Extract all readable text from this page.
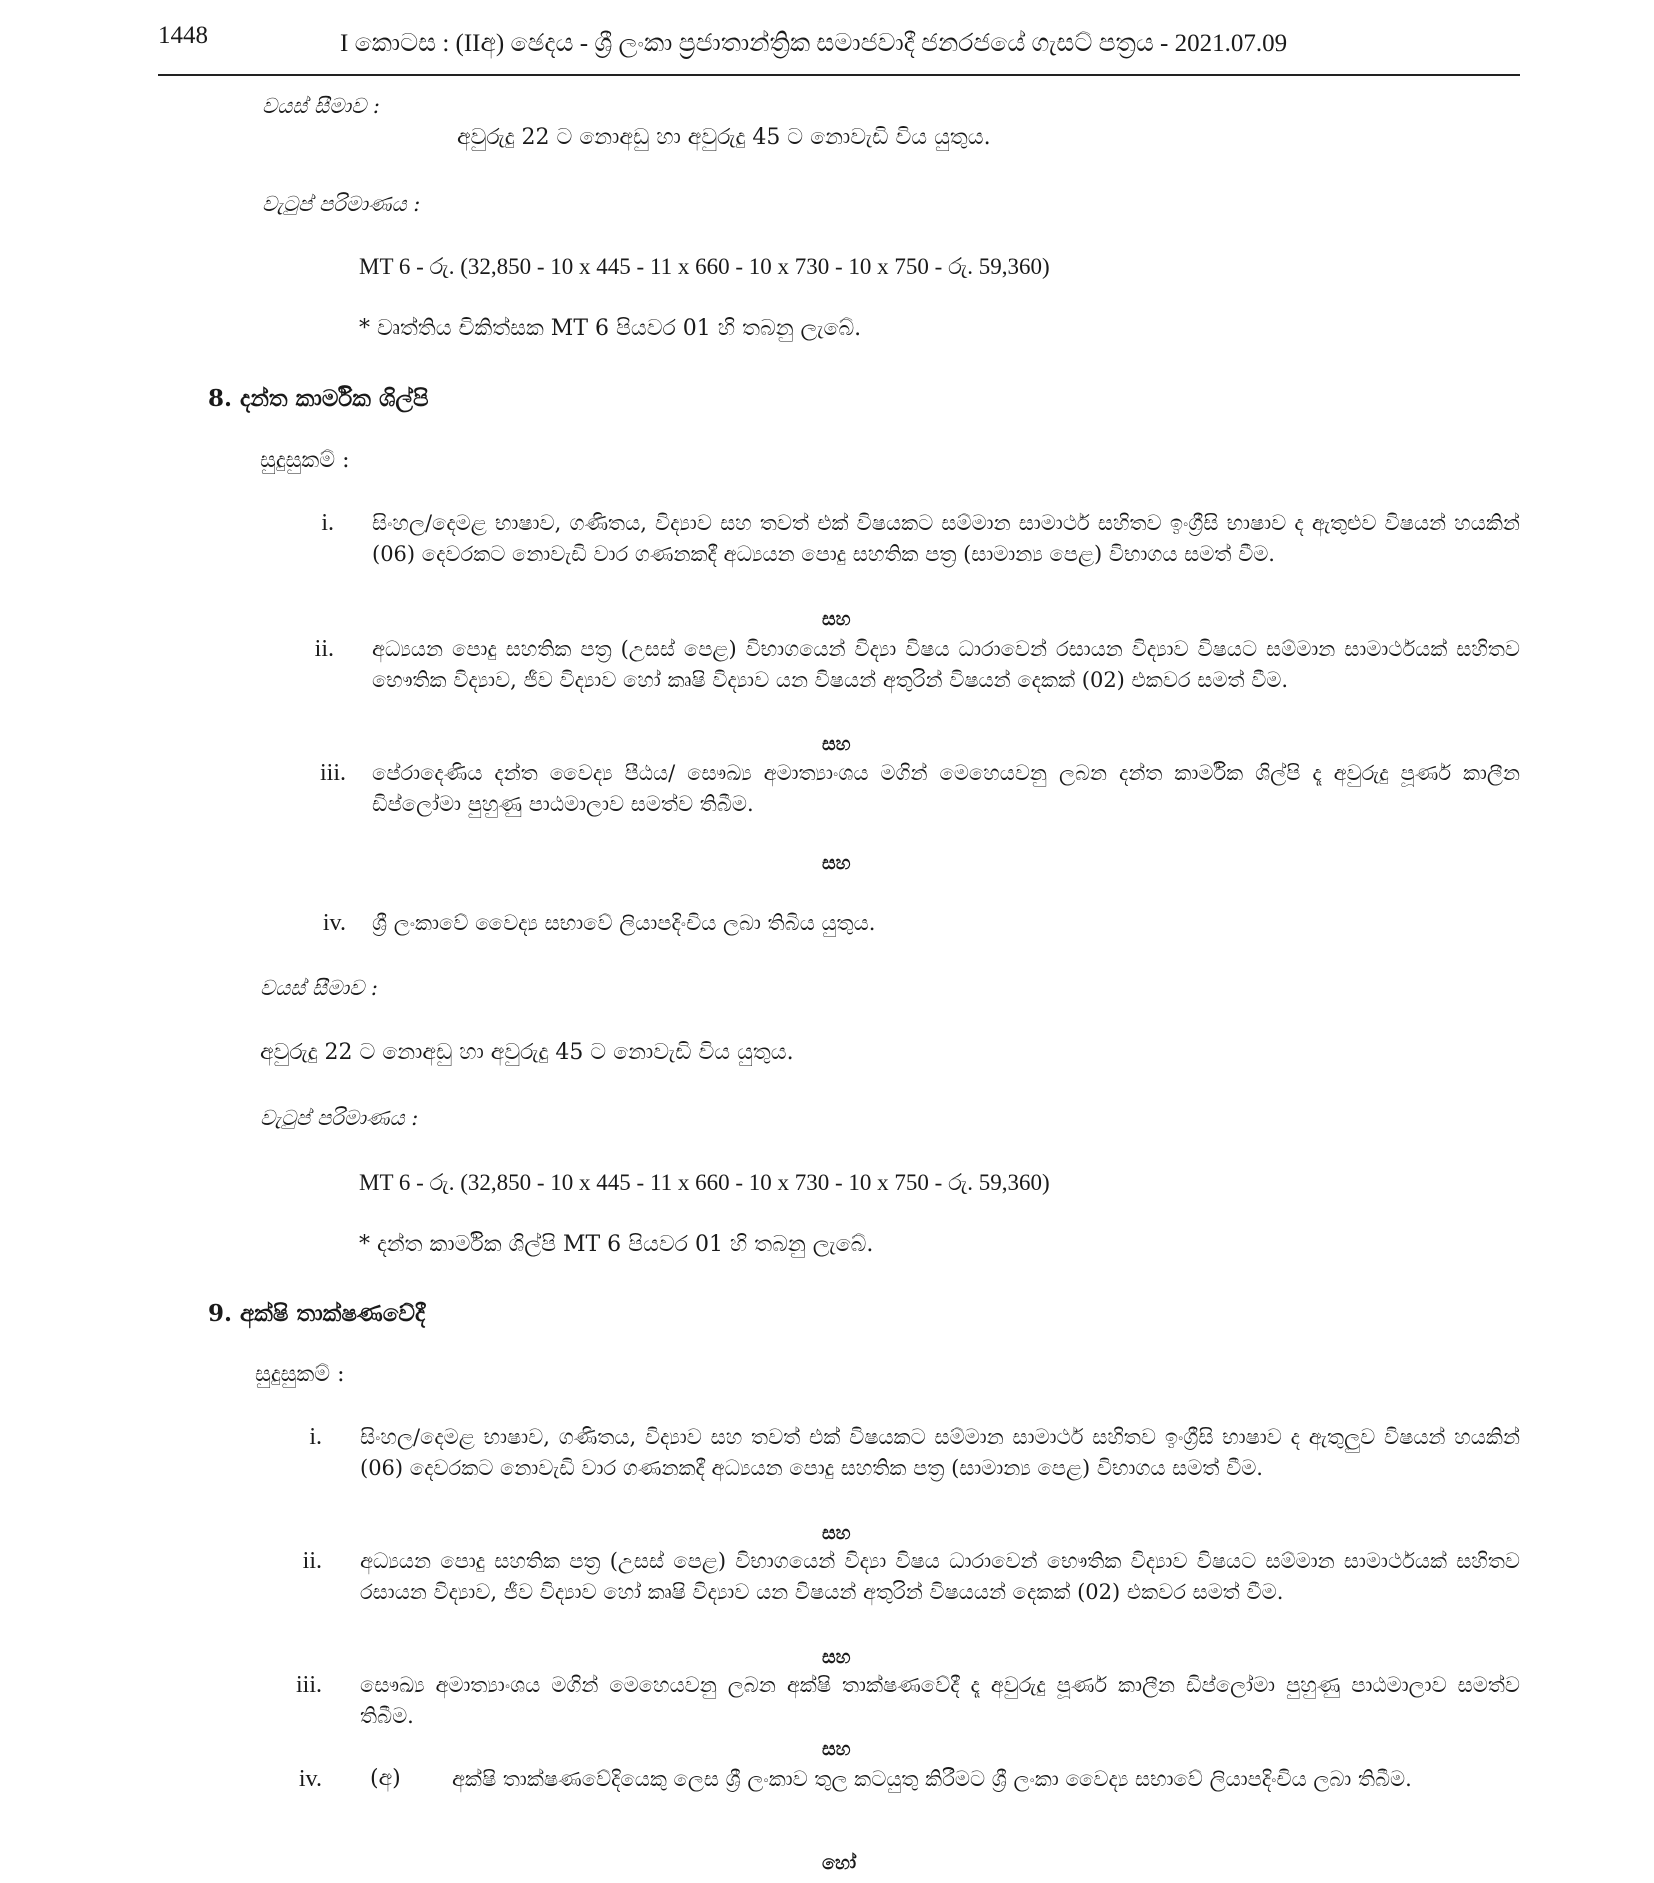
1448	I කොටස : (IIඅ) ඡෙදය - ශ්‍රී ලංකා ප්‍රජාතාන්ත්‍රික සමාජවාදී ජනරජයේ ගැසට් පත්‍රය - 2021.07.09
වයස් සීමාව :
අවුරුදු 22 ට නොඅඩු හා අවුරුදු 45 ට නොවැඩි විය යුතුය.
වැටුප් පරිමාණය :
MT 6 - රු. (32,850 - 10 x 445 - 11 x 660 - 10 x 730 - 10 x 750 - රු. 59,360)
* වෘත්තිය චිකිත්සක MT 6 පියවර 01 හි තබනු ලැබේ.
8. දන්ත කාර්මික ශිල්පි
සුදුසුකම් :
i. සිංහල/දෙමළ භාෂාව, ගණිතය, විද්‍යාව සහ තවත් එක් විෂයකට සම්මාන සාමාර්ථ සහිතව ඉංග්‍රීසි භාෂාව ද ඇතුළුව විෂයන් හයකින් (06) දෙවරකට නොවැඩි වාර ගණනකදී අධ්‍යයන පොදු සහතික පත්‍ර (සාමාන්‍ය පෙළ) විභාගය සමත් වීම.
සහ
ii. අධ්‍යයන පොදු සහතික පත්‍ර (උසස් පෙළ) විභාගයෙන් විද්‍යා විෂය ධාරාවෙන් රසායන විද්‍යාව විෂයට සම්මාන සාමාර්ථයක් සහිතව භෞතික විද්‍යාව, ජීව විද්‍යාව හෝ කෘෂි විද්‍යාව යන විෂයන් අතුරින් විෂයන් දෙකක් (02) එකවර සමත් වීම.
සහ
iii. පේරාදෙණිය දන්ත වෛද්‍ය පීඨය/ සෞඛ්‍ය අමාත්‍යාංශය මගින් මෙහෙයවනු ලබන දන්ත කාර්මික ශිල්පි දෑ අවුරුදු පූර්ණ කාලීන ඩිප්ලෝමා පුහුණු පාඨමාලාව සමත්ව තිබීම.
සහ
iv. ශ්‍රී ලංකාවේ වෛද්‍ය සභාවේ ලියාපදිංචිය ලබා තිබිය යුතුය.
වයස් සීමාව :
අවුරුදු 22 ට නොඅඩු හා අවුරුදු 45 ට නොවැඩි විය යුතුය.
වැටුප් පරිමාණය :
MT 6 - රු. (32,850 - 10 x 445 - 11 x 660 - 10 x 730 - 10 x 750 - රු. 59,360)
* දන්ත කාර්මික ශිල්පි MT 6 පියවර 01 හි තබනු ලැබේ.
9. අක්ෂි තාක්ෂණවේදී
සුදුසුකම් :
i. සිංහල/දෙමළ භාෂාව, ගණිතය, විද්‍යාව සහ තවත් එක් විෂයකට සම්මාන සාමාර්ථ සහිතව ඉංග්‍රීසි භාෂාව ද ඇතුලුව විෂයන් හයකින් (06) දෙවරකට නොවැඩි වාර ගණනකදී අධ්‍යයන පොදු සහතික පත්‍ර (සාමාන්‍ය පෙළ) විභාගය සමත් වීම.
සහ
ii. අධ්‍යයන පොදු සහතික පත්‍ර (උසස් පෙළ) විභාගයෙන් විද්‍යා විෂය ධාරාවෙන් භෞතික විද්‍යාව විෂයට සම්මාන සාමාර්ථයක් සහිතව රසායන විද්‍යාව, ජීව විද්‍යාව හෝ කෘෂි විද්‍යාව යන විෂයන් අතුරින් විෂයයන් දෙකක් (02) එකවර සමත් වීම.
සහ
iii. සෞඛ්‍ය අමාත්‍යාංශය මගින් මෙහෙයවනු ලබන අක්ෂි තාක්ෂණවේදී දෑ අවුරුදු පූර්ණ කාලීන ඩිප්ලෝමා පුහුණු පාඨමාලාව සමත්ව තිබීම.
සහ
iv. (අ) අක්ෂි තාක්ෂණවේදියෙකු ලෙස ශ්‍රී ලංකාව තුල කටයුතු කිරීමට ශ්‍රී ලංකා වෛද්‍ය සභාවේ ලියාපදිංචිය ලබා තිබීම.
හෝ
